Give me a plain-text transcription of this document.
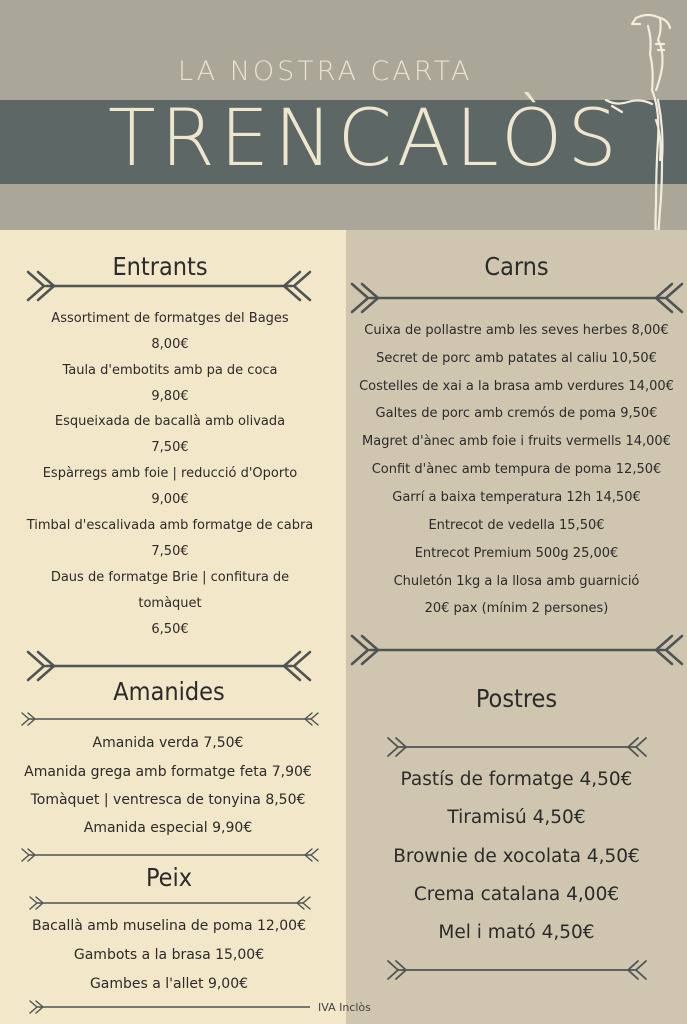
LA NOSTRA CARTA
TRENCALÒS
Entrants
Assortiment de formatges del Bages
8,00€
Taula d'embotits amb pa de coca
9,80€
Esqueixada de bacallà amb olivada
7,50€
Espàrregs amb foie | reducció d'Oporto
9,00€
Timbal d'escalivada amb formatge de cabra
7,50€
Daus de formatge Brie | confitura de
tomàquet
6,50€
Amanides
Amanida verda 7,50€
Amanida grega amb formatge feta 7,90€
Tomàquet | ventresca de tonyina 8,50€
Amanida especial 9,90€
Peix
Bacallà amb muselina de poma 12,00€
Gambots a la brasa 15,00€
Gambes a l'allet 9,00€
IVA Inclòs
Carns
Cuixa de pollastre amb les seves herbes 8,00€
Secret de porc amb patates al caliu 10,50€
Costelles de xai a la brasa amb verdures 14,00€
Galtes de porc amb cremós de poma 9,50€
Magret d'ànec amb foie i fruits vermells 14,00€
Confit d'ànec amb tempura de poma 12,50€
Garrí a baixa temperatura 12h 14,50€
Entrecot de vedella 15,50€
Entrecot Premium 500g 25,00€
Chuletón 1kg a la llosa amb guarnició
20€ pax (mínim 2 persones)
Postres
Pastís de formatge 4,50€
Tiramisú 4,50€
Brownie de xocolata 4,50€
Crema catalana 4,00€
Mel i mató 4,50€
